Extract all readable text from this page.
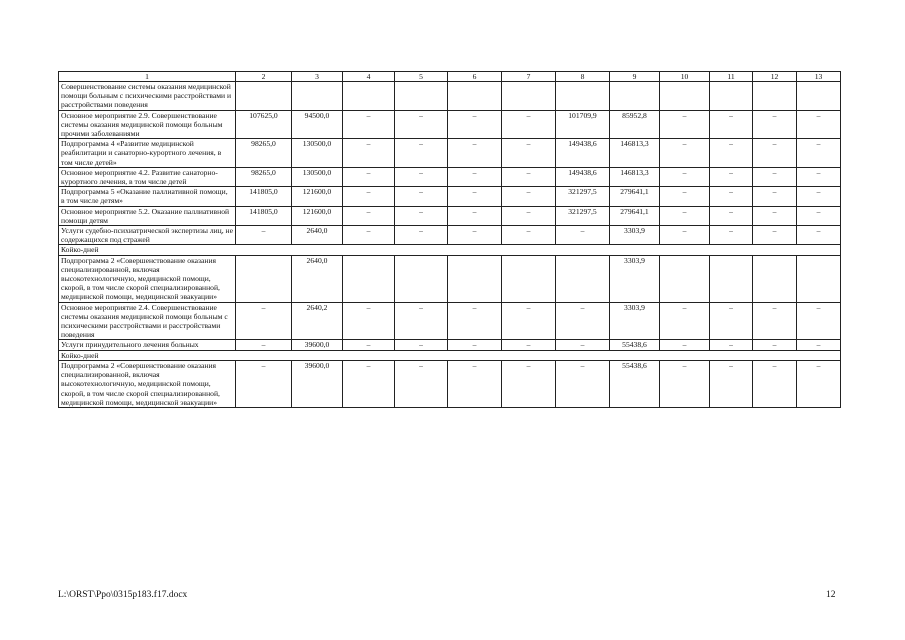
1	2	3	4	5	6	7	8	9	10	11	12	13
Совершенствование системы оказания медицинской помощи больным с психическими расстройствами и расстройствами поведения												
Основное мероприятие 2.9. Совершенствование системы оказания медицинской помощи больным прочими заболеваниями	107625,0	94500,0	–	–	–	–	101709,9	85952,8	–	–	–	–
Подпрограмма 4 «Развитие медицинской реабилитации и санаторно-курортного лечения, в том числе детей»	98265,0	130500,0	–	–	–	–	149438,6	146813,3	–	–	–	–
Основное мероприятие 4.2. Развитие санаторно-курортного лечения, в том числе детей	98265,0	130500,0	–	–	–	–	149438,6	146813,3	–	–	–	–
Подпрограмма 5 «Оказание паллиативной помощи, в том числе детям»	141805,0	121600,0	–	–	–	–	321297,5	279641,1	–	–	–	–
Основное мероприятие 5.2. Оказание паллиативной помощи детям	141805,0	121600,0	–	–	–	–	321297,5	279641,1	–	–	–	–
Услуги судебно-психиатрической экспертизы лиц, не содержащихся под стражей	–	2640,0	–	–	–	–	–	3303,9	–	–	–	–
Койко-дней												
Подпрограмма 2 «Совершенствование оказания специализированной, включая высокотехнологичную, медицинской помощи, скорой, в том числе скорой специализированной, медицинской помощи, медицинской эвакуации»		2640,0						3303,9				
Основное мероприятие 2.4. Совершенствование системы оказания медицинской помощи больным с психическими расстройствами и расстройствами поведения	–	2640,2	–	–	–	–	–	3303,9	–	–	–	–
Услуги принудительного лечения больных	–	39600,0	–	–	–	–	–	55438,6	–	–	–	–
Койко-дней												
Подпрограмма 2 «Совершенствование оказания специализированной, включая высокотехнологичную, медицинской помощи, скорой, в том числе скорой специализированной, медицинской помощи, медицинской эвакуации»	–	39600,0	–	–	–	–	–	55438,6	–	–	–	–
L:\ORST\Ppo\0315p183.f17.docx	12
